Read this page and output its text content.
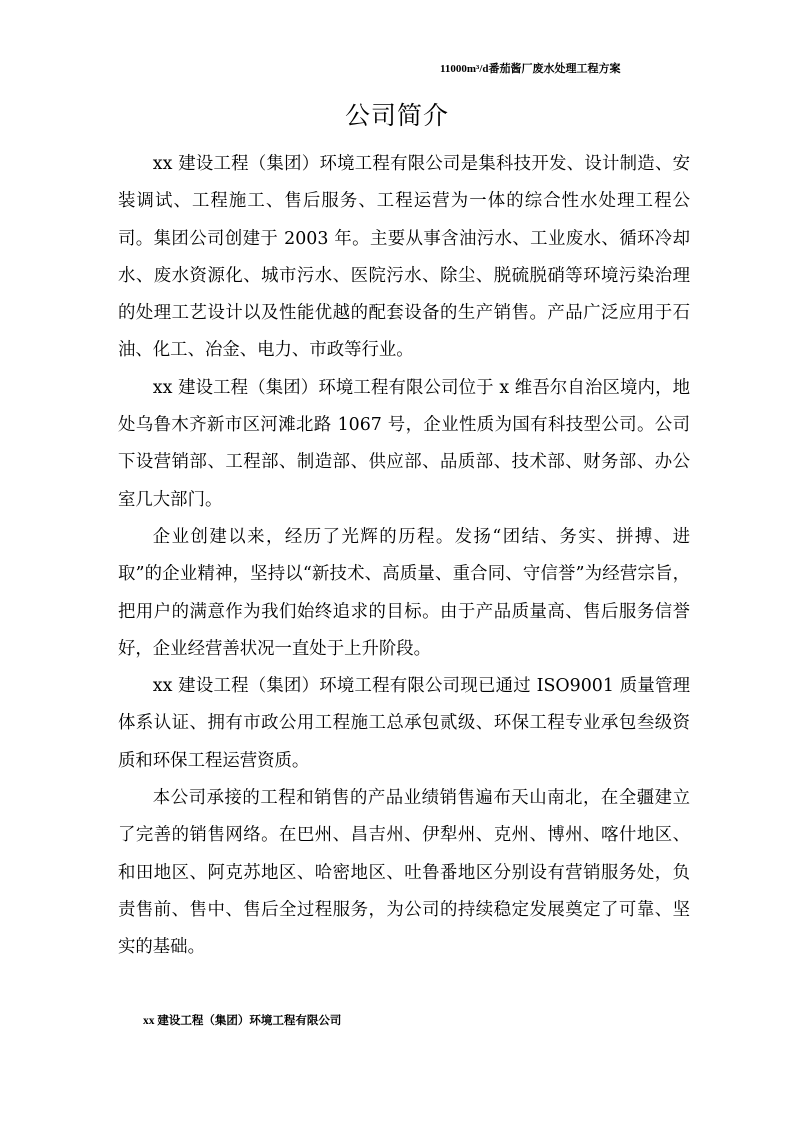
11000m³/d番茄酱厂废水处理工程方案
公司简介

xx 建设工程（集团）环境工程有限公司是集科技开发、设计制造、安装调试、工程施工、售后服务、工程运营为一体的综合性水处理工程公司。集团公司创建于 2003 年。主要从事含油污水、工业废水、循环冷却水、废水资源化、城市污水、医院污水、除尘、脱硫脱硝等环境污染治理的处理工艺设计以及性能优越的配套设备的生产销售。产品广泛应用于石油、化工、冶金、电力、市政等行业。

xx 建设工程（集团）环境工程有限公司位于 x 维吾尔自治区境内，地处乌鲁木齐新市区河滩北路 1067 号，企业性质为国有科技型公司。公司下设营销部、工程部、制造部、供应部、品质部、技术部、财务部、办公室几大部门。

企业创建以来，经历了光辉的历程。发扬“团结、务实、拼搏、进取”的企业精神，坚持以“新技术、高质量、重合同、守信誉”为经营宗旨，把用户的满意作为我们始终追求的目标。由于产品质量高、售后服务信誉好，企业经营善状况一直处于上升阶段。

xx 建设工程（集团）环境工程有限公司现已通过 ISO9001 质量管理体系认证、拥有市政公用工程施工总承包贰级、环保工程专业承包叁级资质和环保工程运营资质。

本公司承接的工程和销售的产品业绩销售遍布天山南北，在全疆建立了完善的销售网络。在巴州、昌吉州、伊犁州、克州、博州、喀什地区、和田地区、阿克苏地区、哈密地区、吐鲁番地区分别设有营销服务处，负责售前、售中、售后全过程服务，为公司的持续稳定发展奠定了可靠、坚实的基础。

xx 建设工程（集团）环境工程有限公司
